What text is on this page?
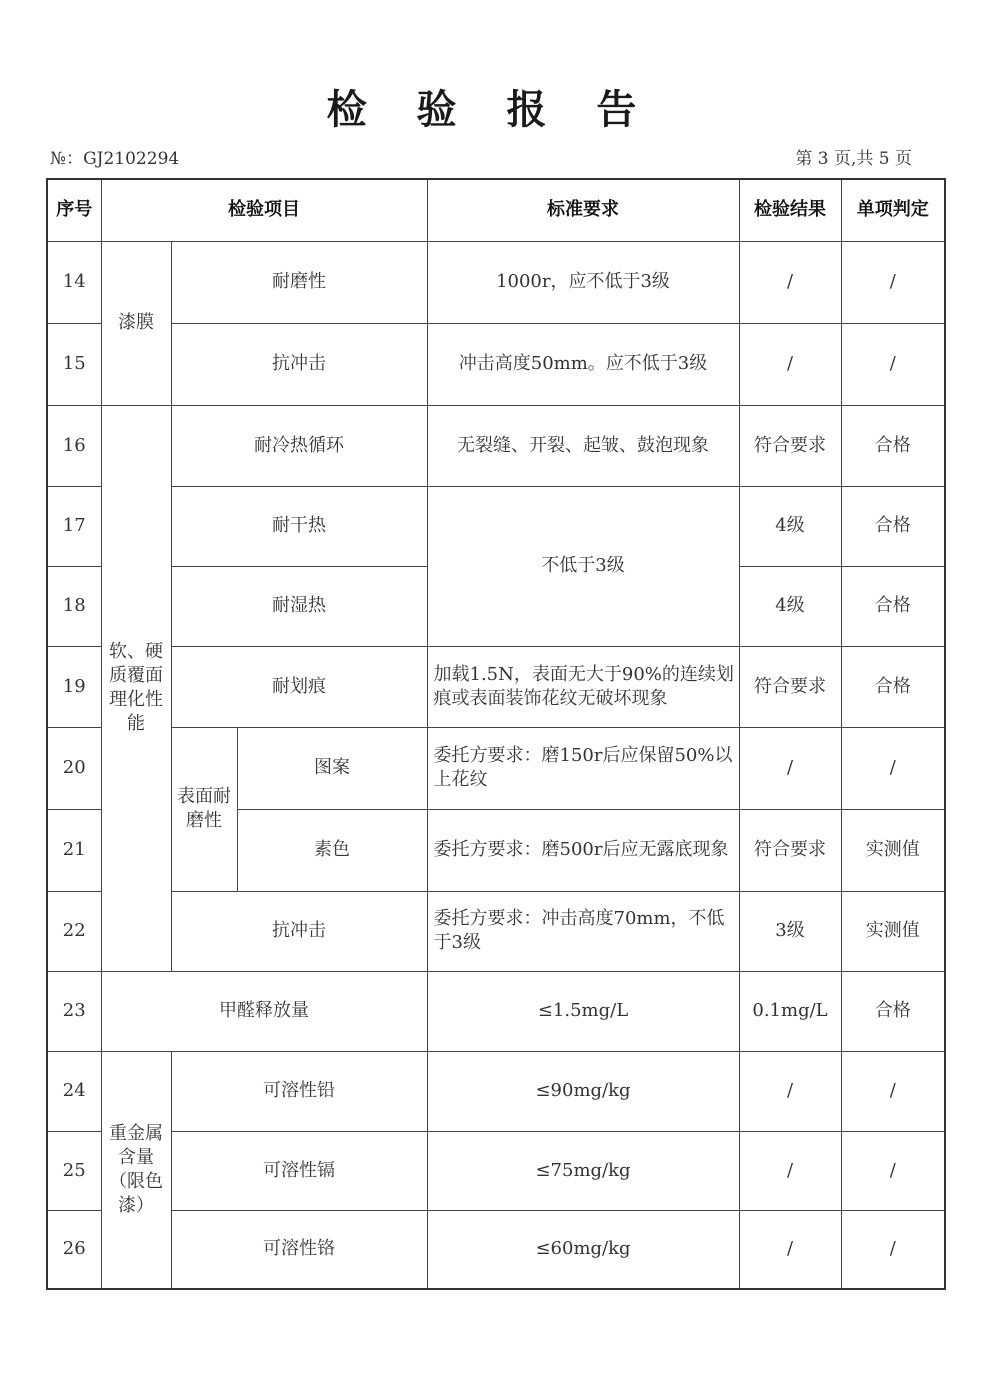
检 验 报 告
№：GJ2102294	第 3 页,共 5 页
序号	检验项目			标准要求	检验结果	单项判定
14	漆膜	耐磨性		1000r，应不低于3级	/	/
15		抗冲击		冲击高度50mm。应不低于3级	/	/
16	软、硬质覆面理化性能	耐冷热循环		无裂缝、开裂、起皱、鼓泡现象	符合要求	合格
17		耐干热		不低于3级	4级	合格
18		耐湿热			4级	合格
19		耐划痕		加载1.5N，表面无大于90%的连续划痕或表面装饰花纹无破坏现象	符合要求	合格
20		表面耐磨性	图案	委托方要求：磨150r后应保留50%以上花纹	/	/
21			素色	委托方要求：磨500r后应无露底现象	符合要求	实测值
22		抗冲击		委托方要求：冲击高度70mm，不低于3级	3级	实测值
23	甲醛释放量			≤1.5mg/L	0.1mg/L	合格
24	重金属含量（限色漆）	可溶性铅		≤90mg/kg	/	/
25		可溶性镉		≤75mg/kg	/	/
26		可溶性铬		≤60mg/kg	/	/
